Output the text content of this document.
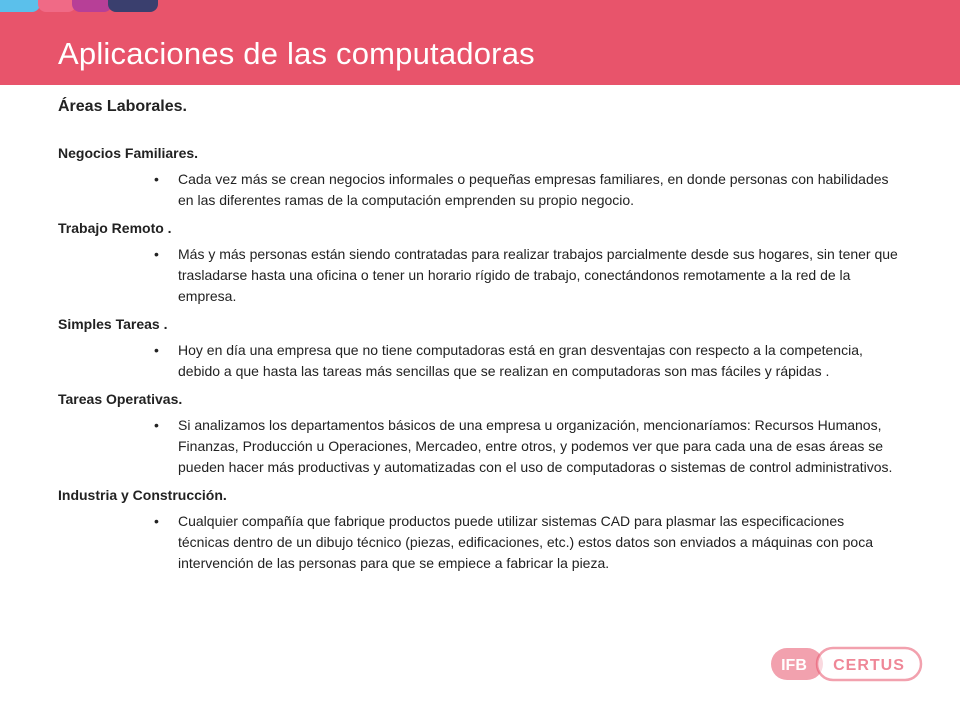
Aplicaciones de las computadoras
Áreas Laborales.
Negocios Familiares.
• Cada vez más se crean negocios informales o pequeñas empresas familiares, en donde personas con habilidades en las diferentes ramas de la computación emprenden su propio negocio.

Trabajo Remoto .
• Más y más personas están siendo contratadas para realizar trabajos parcialmente desde sus hogares, sin tener que trasladarse hasta una oficina o tener un horario rígido de trabajo, conectándonos remotamente a la red de la empresa.

Simples Tareas .
• Hoy en día una empresa que no tiene computadoras está en gran desventajas con respecto a la competencia, debido a que hasta las tareas más sencillas que se realizan en computadoras son mas fáciles y rápidas .

Tareas Operativas.
• Si analizamos los departamentos básicos de una empresa u organización, mencionaríamos: Recursos Humanos, Finanzas, Producción u Operaciones, Mercadeo, entre otros, y podemos ver que para cada una de esas áreas se pueden hacer más productivas y automatizadas con el uso de computadoras o sistemas de control administrativos.

Industria y Construcción.
• Cualquier compañía que fabrique productos puede utilizar sistemas CAD para plasmar las especificaciones técnicas dentro de un dibujo técnico (piezas, edificaciones, etc.) estos datos son enviados a máquinas con poca intervención de las personas para que se empiece a fabricar la pieza.

IFB CERTUS
